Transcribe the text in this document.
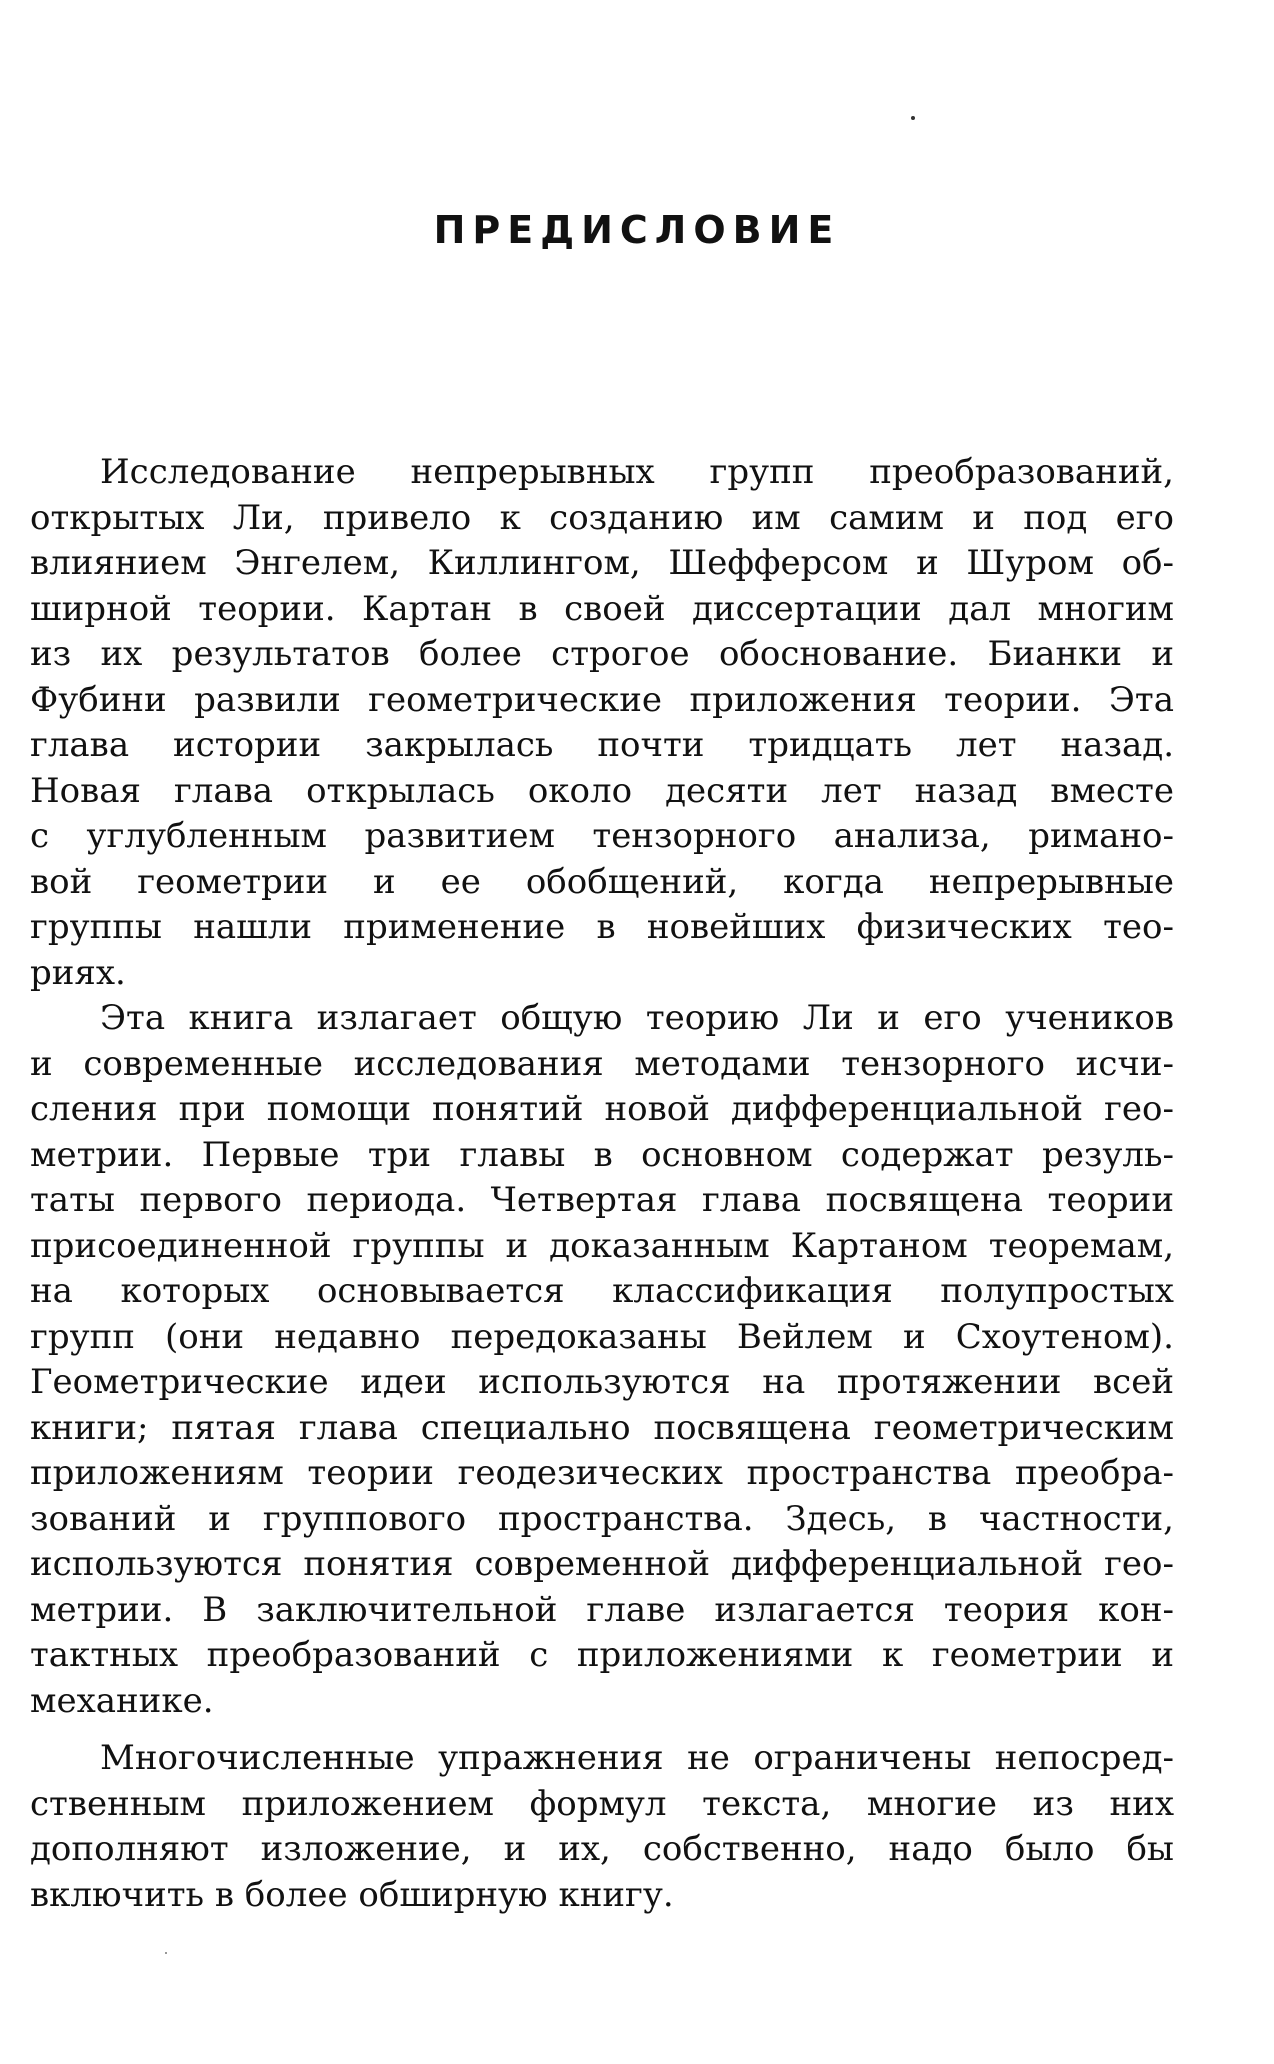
ПРЕДИСЛОВИЕ

Исследование непрерывных групп преобразований,
открытых Ли, привело к созданию им самим и под его
влиянием Энгелем, Киллингом, Шефферсом и Шуром об-
ширной теории. Картан в своей диссертации дал многим
из их результатов более строгое обоснование. Бианки и
Фубини развили геометрические приложения теории. Эта
глава истории закрылась почти тридцать лет назад.
Новая глава открылась около десяти лет назад вместе
с углубленным развитием тензорного анализа, римано-
вой геометрии и ее обобщений, когда непрерывные
группы нашли применение в новейших физических тео-
риях.

Эта книга излагает общую теорию Ли и его учеников
и современные исследования методами тензорного исчи-
сления при помощи понятий новой дифференциальной гео-
метрии. Первые три главы в основном содержат резуль-
таты первого периода. Четвертая глава посвящена теории
присоединенной группы и доказанным Картаном теоремам,
на которых основывается классификация полупростых
групп (они недавно передоказаны Вейлем и Схоутеном).
Геометрические идеи используются на протяжении всей
книги; пятая глава специально посвящена геометрическим
приложениям теории геодезических пространства преобра-
зований и группового пространства. Здесь, в частности,
используются понятия современной дифференциальной гео-
метрии. В заключительной главе излагается теория кон-
тактных преобразований с приложениями к геометрии и
механике.

Многочисленные упражнения не ограничены непосред-
ственным приложением формул текста, многие из них
дополняют изложение, и их, собственно, надо было бы
включить в более обширную книгу.
